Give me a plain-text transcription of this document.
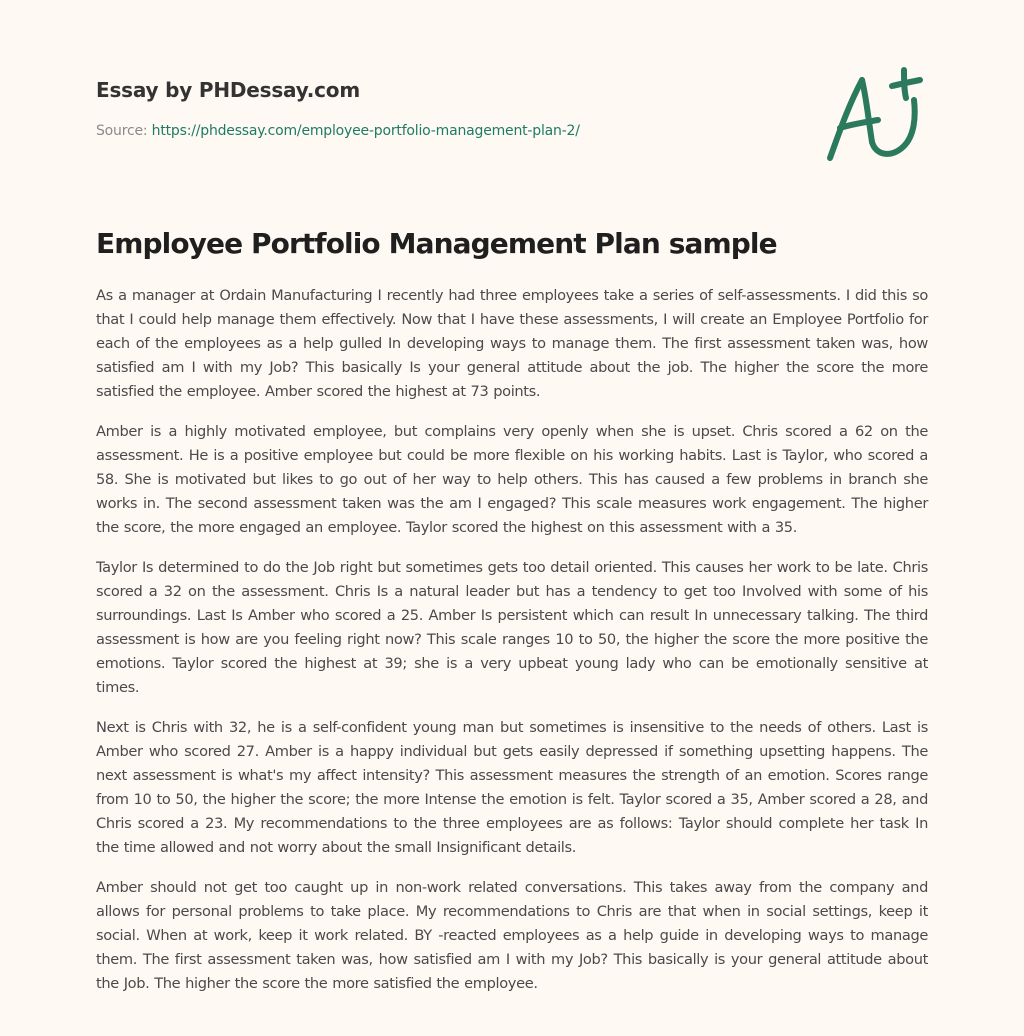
Essay by PHDessay.com
Source: https://phdessay.com/employee-portfolio-management-plan-2/
Employee Portfolio Management Plan sample

As a manager at Ordain Manufacturing I recently had three employees take a series of self-assessments. I did this so that I could help manage them effectively. Now that I have these assessments, I will create an Employee Portfolio for each of the employees as a help gulled In developing ways to manage them. The first assessment taken was, how satisfied am I with my Job? This basically Is your general attitude about the job. The higher the score the more satisfied the employee. Amber scored the highest at 73 points.

Amber is a highly motivated employee, but complains very openly when she is upset. Chris scored a 62 on the assessment. He is a positive employee but could be more flexible on his working habits. Last is Taylor, who scored a 58. She is motivated but likes to go out of her way to help others. This has caused a few problems in branch she works in. The second assessment taken was the am I engaged? This scale measures work engagement. The higher the score, the more engaged an employee. Taylor scored the highest on this assessment with a 35.

Taylor Is determined to do the Job right but sometimes gets too detail oriented. This causes her work to be late. Chris scored a 32 on the assessment. Chris Is a natural leader but has a tendency to get too Involved with some of his surroundings. Last Is Amber who scored a 25. Amber Is persistent which can result In unnecessary talking. The third assessment is how are you feeling right now? This scale ranges 10 to 50, the higher the score the more positive the emotions. Taylor scored the highest at 39; she is a very upbeat young lady who can be emotionally sensitive at times.

Next is Chris with 32, he is a self-confident young man but sometimes is insensitive to the needs of others. Last is Amber who scored 27. Amber is a happy individual but gets easily depressed if something upsetting happens. The next assessment is what's my affect intensity? This assessment measures the strength of an emotion. Scores range from 10 to 50, the higher the score; the more Intense the emotion is felt. Taylor scored a 35, Amber scored a 28, and Chris scored a 23. My recommendations to the three employees are as follows: Taylor should complete her task In the time allowed and not worry about the small Insignificant details.

Amber should not get too caught up in non-work related conversations. This takes away from the company and allows for personal problems to take place. My recommendations to Chris are that when in social settings, keep it social. When at work, keep it work related. BY -reacted employees as a help guide in developing ways to manage them. The first assessment taken was, how satisfied am I with my Job? This basically is your general attitude about the Job. The higher the score the more satisfied the employee.
